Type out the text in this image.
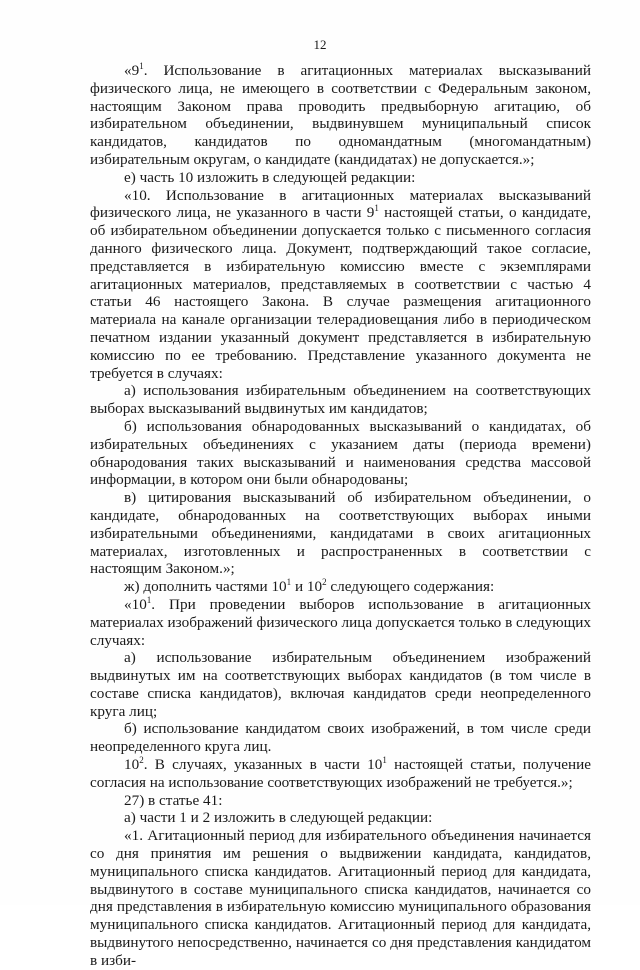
12

«$9^1$. Использование в агитационных материалах высказываний физического лица, не имеющего в соответствии с Федеральным законом, настоящим Законом права проводить предвыборную агитацию, об избирательном объединении, выдвинувшем муниципальный список кандидатов, кандидатов по одномандатным (многомандатным) избирательным округам, о кандидате (кандидатах) не допускается.»;

е) часть 10 изложить в следующей редакции:

«10. Использование в агитационных материалах высказываний физического лица, не указанного в части $9^1$ настоящей статьи, о кандидате, об избирательном объединении допускается только с письменного согласия данного физического лица. Документ, подтверждающий такое согласие, представляется в избирательную комиссию вместе с экземплярами агитационных материалов, представляемых в соответствии с частью 4 статьи 46 настоящего Закона. В случае размещения агитационного материала на канале организации телерадиовещания либо в периодическом печатном издании указанный документ представляется в избирательную комиссию по ее требованию. Представление указанного документа не требуется в случаях:

а) использования избирательным объединением на соответствующих выборах высказываний выдвинутых им кандидатов;

б) использования обнародованных высказываний о кандидатах, об избирательных объединениях с указанием даты (периода времени) обнародования таких высказываний и наименования средства массовой информации, в котором они были обнародованы;

в) цитирования высказываний об избирательном объединении, о кандидате, обнародованных на соответствующих выборах иными избирательными объединениями, кандидатами в своих агитационных материалах, изготовленных и распространенных в соответствии с настоящим Законом.»;

ж) дополнить частями $10^1$ и $10^2$ следующего содержания:

«$10^1$. При проведении выборов использование в агитационных материалах изображений физического лица допускается только в следующих случаях:

а) использование избирательным объединением изображений выдвинутых им на соответствующих выборах кандидатов (в том числе в составе списка кандидатов), включая кандидатов среди неопределенного круга лиц;

б) использование кандидатом своих изображений, в том числе среди неопределенного круга лиц.

$10^2$. В случаях, указанных в части $10^1$ настоящей статьи, получение согласия на использование соответствующих изображений не требуется.»;

27) в статье 41:

а) части 1 и 2 изложить в следующей редакции:

«1. Агитационный период для избирательного объединения начинается со дня принятия им решения о выдвижении кандидата, кандидатов, муниципального списка кандидатов. Агитационный период для кандидата, выдвинутого в составе муниципального списка кандидатов, начинается со дня представления в избирательную комиссию муниципального образования муниципального списка кандидатов. Агитационный период для кандидата, выдвинутого непосредственно, начинается со дня представления кандидатом в изби-
